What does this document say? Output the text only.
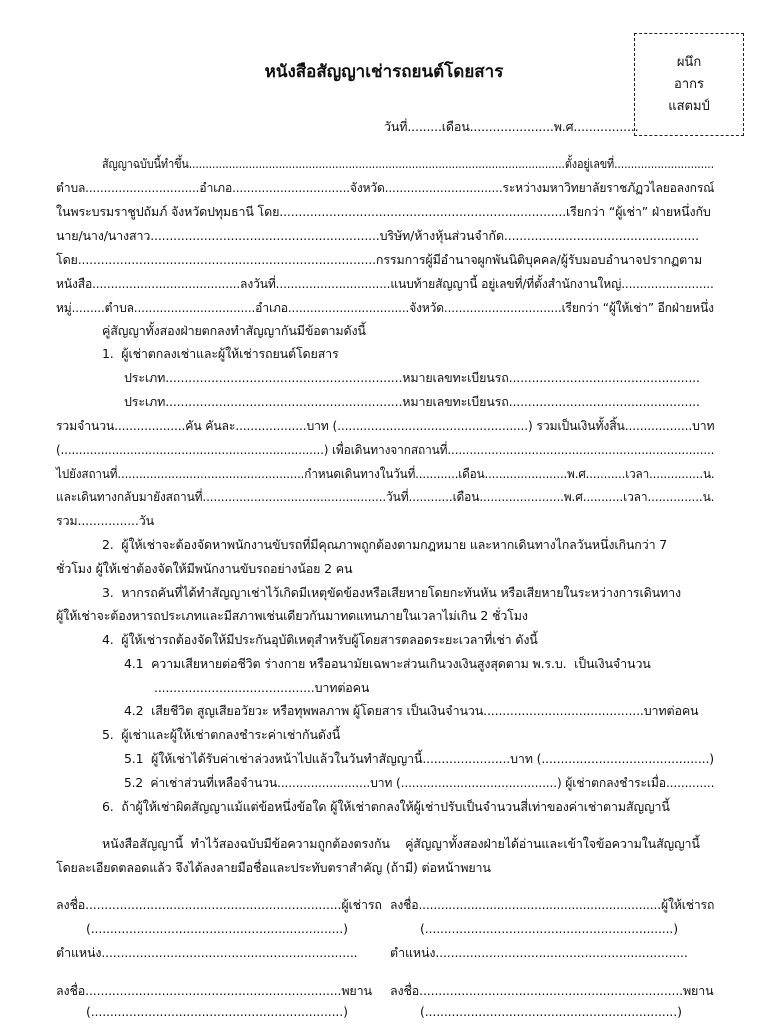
ผนึก
อากร
แสตมป์
หนังสือสัญญาเช่ารถยนต์โดยสาร
วันที่.........เดือน......................พ.ศ.................
สัญญาฉบับนี้ทำขึ้น.................................................................................................................ตั้งอยู่เลขที่..............................
ตำบล...............................อำเภอ................................จังหวัด................................ระหว่างมหาวิทยาลัยราชภัฏวไลยอลงกรณ์
ในพระบรมราชูปถัมภ์ จังหวัดปทุมธานี โดย...........................................................................เรียกว่า “ผู้เช่า” ฝ่ายหนึ่งกับ
นาย/นาง/นางสาว............................................................บริษัท/ห้างหุ้นส่วนจำกัด...................................................
โดย..............................................................................กรรมการผู้มีอำนาจผูกพันนิติบุคคล/ผู้รับมอบอำนาจปรากฏตาม
หนังสือ........................................ลงวันที่...............................แนบท้ายสัญญานี้ อยู่เลขที่/ที่ตั้งสำนักงานใหญ่.........................
หมู่.........ตำบล.................................อำเภอ.................................จังหวัด................................เรียกว่า “ผู้ให้เช่า” อีกฝ่ายหนึ่ง
คู่สัญญาทั้งสองฝ่ายตกลงทำสัญญากันมีข้อตามดังนี้
1.  ผู้เช่าตกลงเช่าและผู้ให้เช่ารถยนต์โดยสาร
ประเภท..............................................................หมายเลขทะเบียนรถ..................................................
ประเภท..............................................................หมายเลขทะเบียนรถ..................................................
รวมจำนวน...................คัน คันละ...................บาท (...................................................) รวมเป็นเงินทั้งสิ้น..................บาท
(........................................................................) เพื่อเดินทางจากสถานที่.........................................................................
ไปยังสถานที่....................................................กำหนดเดินทางในวันที่............เดือน.......................พ.ศ...........เวลา...............น.
และเดินทางกลับมายังสถานที่..................................................วันที่............เดือน.......................พ.ศ...........เวลา...............น.
รวม................วัน
2.  ผู้ให้เช่าจะต้องจัดหาพนักงานขับรถที่มีคุณภาพถูกต้องตามกฎหมาย และหากเดินทางไกลวันหนึ่งเกินกว่า 7
ชั่วโมง ผู้ให้เช่าต้องจัดให้มีพนักงานขับรถอย่างน้อย 2 คน
3.  หากรถคันที่ได้ทำสัญญาเช่าไว้เกิดมีเหตุขัดข้องหรือเสียหายโดยกะทันหัน หรือเสียหายในระหว่างการเดินทาง
ผู้ให้เช่าจะต้องหารถประเภทและมีสภาพเช่นเดียวกันมาทดแทนภายในเวลาไม่เกิน 2 ชั่วโมง
4.  ผู้ให้เช่ารถต้องจัดให้มีประกันอุบัติเหตุสำหรับผู้โดยสารตลอดระยะเวลาที่เช่า ดังนี้
4.1  ความเสียหายต่อชีวิต ร่างกาย หรืออนามัยเฉพาะส่วนเกินวงเงินสูงสุดตาม พ.ร.บ.  เป็นเงินจำนวน
..........................................บาทต่อคน
4.2  เสียชีวิต สูญเสียอวัยวะ หรือทุพพลภาพ ผู้โดยสาร เป็นเงินจำนวน..........................................บาทต่อคน
5.  ผู้เช่าและผู้ให้เช่าตกลงชำระค่าเช่ากันดังนี้
5.1  ผู้ให้เช่าได้รับค่าเช่าล่วงหน้าไปแล้วในวันทำสัญญานี้.......................บาท (............................................)
5.2  ค่าเช่าส่วนที่เหลือจำนวน.........................บาท (..........................................) ผู้เช่าตกลงชำระเมื่อ.............
6.  ถ้าผู้ให้เช่าผิดสัญญาแม้แต่ข้อหนึ่งข้อใด ผู้ให้เช่าตกลงให้ผู้เช่าปรับเป็นจำนวนสี่เท่าของค่าเช่าตามสัญญานี้
หนังสือสัญญานี้  ทำไว้สองฉบับมีข้อความถูกต้องตรงกัน    คู่สัญญาทั้งสองฝ่ายได้อ่านและเข้าใจข้อความในสัญญานี้
โดยละเอียดตลอดแล้ว จึงได้ลงลายมือชื่อและประทับตราสำคัญ (ถ้ามี) ต่อหน้าพยาน
ลงชื่อ...................................................................ผู้เช่ารถ ลงชื่อ.................................................................ผู้ให้เช่ารถ
(..................................................................)	(.................................................................)
ตำแหน่ง...................................................................	ตำแหน่ง..................................................................
ลงชื่อ...................................................................พยาน ลงชื่อ.....................................................................พยาน
(..................................................................)	(..................................................................)
